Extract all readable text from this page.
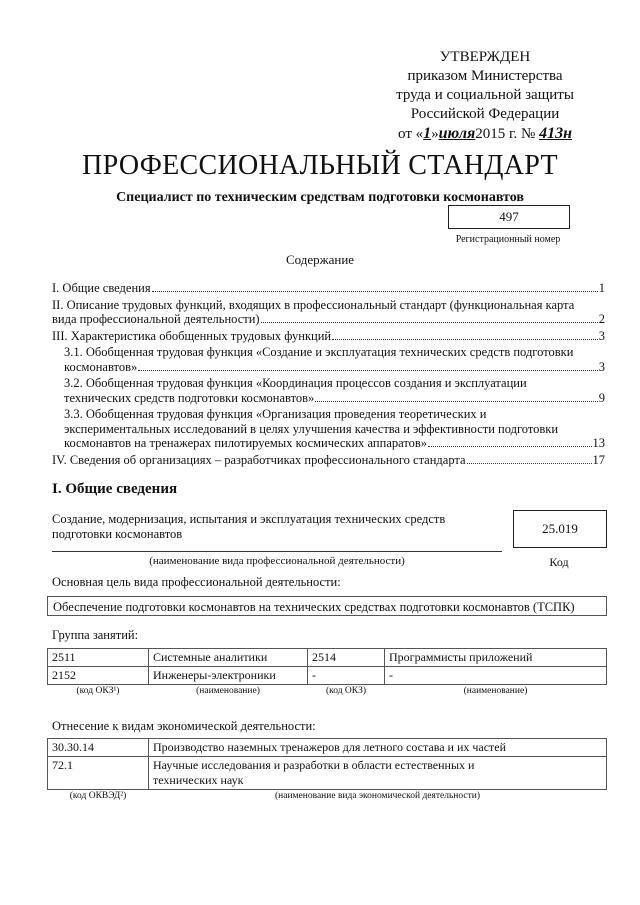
УТВЕРЖДЕН
приказом Министерства
труда и социальной защиты
Российской Федерации
от «1»июля2015 г. № 413н
ПРОФЕССИОНАЛЬНЫЙ СТАНДАРТ
Специалист по техническим средствам подготовки космонавтов
497
Регистрационный номер
Содержание
I. Общие сведения	1
II. Описание трудовых функций, входящих в профессиональный стандарт (функциональная карта
вида профессиональной деятельности)	2
III. Характеристика обобщенных трудовых функций	3
3.1. Обобщенная трудовая функция «Создание и эксплуатация технических средств подготовки
космонавтов»	3
3.2. Обобщенная трудовая функция «Координация процессов создания и эксплуатации
технических средств подготовки космонавтов»	9
3.3. Обобщенная трудовая функция «Организация проведения теоретических и
экспериментальных исследований в целях улучшения качества и эффективности подготовки
космонавтов на тренажерах пилотируемых космических аппаратов»	13
IV. Сведения об организациях – разработчиках профессионального стандарта	17
I. Общие сведения
Создание, модернизация, испытания и эксплуатация технических средств
подготовки космонавтов
(наименование вида профессиональной деятельности)
25.019
Код
Основная цель вида профессиональной деятельности:
Обеспечение подготовки космонавтов на технических средствах подготовки космонавтов (ТСПК)
Группа занятий:
2511	Системные аналитики	2514	Программисты приложений
2152	Инженеры-электроники	-	-
(код ОКЗ¹)	(наименование)	(код ОКЗ)	(наименование)
Отнесение к видам экономической деятельности:
30.30.14	Производство наземных тренажеров для летного состава и их частей
72.1	Научные исследования и разработки в области естественных и технических наук
(код ОКВЭД²)	(наименование вида экономической деятельности)
